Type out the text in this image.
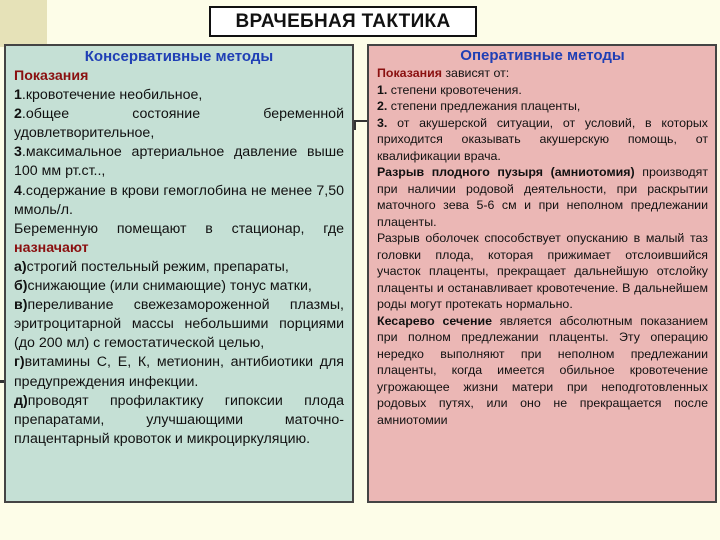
ВРАЧЕБНАЯ ТАКТИКА
Консервативные методы

Показания

1.кровотечение необильное,

2.общее состояние беременной удовлетворительное,

3.максимальное артериальное давление выше 100 мм рт.ст..,

4.содержание в крови гемоглобина не менее 7,50 ммоль/л.

Беременную помещают в стационар, где

назначают

а)строгий постельный режим, препараты,

б)снижающие (или снимающие) тонус матки,

в)переливание свежезамороженной плазмы, эритроцитарной массы небольшими порциями (до 200 мл) с гемостатической целью,

г)витамины С, Е, К, метионин, антибиотики для предупреждения инфекции.

д)проводят профилактику гипоксии плода препаратами, улучшающими маточно-плацентарный кровоток и микроциркуляцию.

Оперативные методы

Показания зависят от:

1. степени кровотечения.

2. степени предлежания плаценты,

3. от акушерской ситуации, от условий, в которых приходится оказывать акушерскую помощь, от квалификации врача.

Разрыв плодного пузыря (амниотомия) производят при наличии родовой деятельности, при раскрытии маточного зева 5-6 см и при неполном предлежании плаценты.

Разрыв оболочек способствует опусканию в малый таз головки плода, которая прижимает отслоившийся участок плаценты, прекращает дальнейшую отслойку плаценты и останавливает кровотечение. В дальнейшем роды могут протекать нормально.

Кесарево сечение является абсолютным показанием при полном предлежании плаценты. Эту операцию нередко выполняют при неполном предлежании плаценты, когда имеется обильное кровотечение угрожающее жизни матери при неподготовленных родовых путях, или оно не прекращается после амниотомии
